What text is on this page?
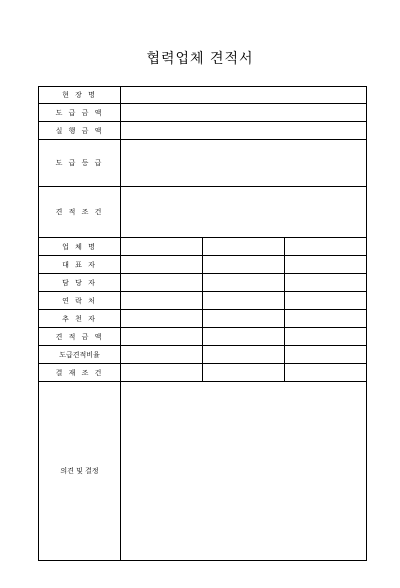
협력업체 견적서
현 장 명			
도 급 금 액			
실 행 금 액			
도 급 등 급			
견 적 조 건			
업 체 명			
대 표 자			
담 당 자			
연 락 처			
추 천 자			
견 적 금 액			
도급견적비율			
결 재 조 건			
의견 및 결정			
